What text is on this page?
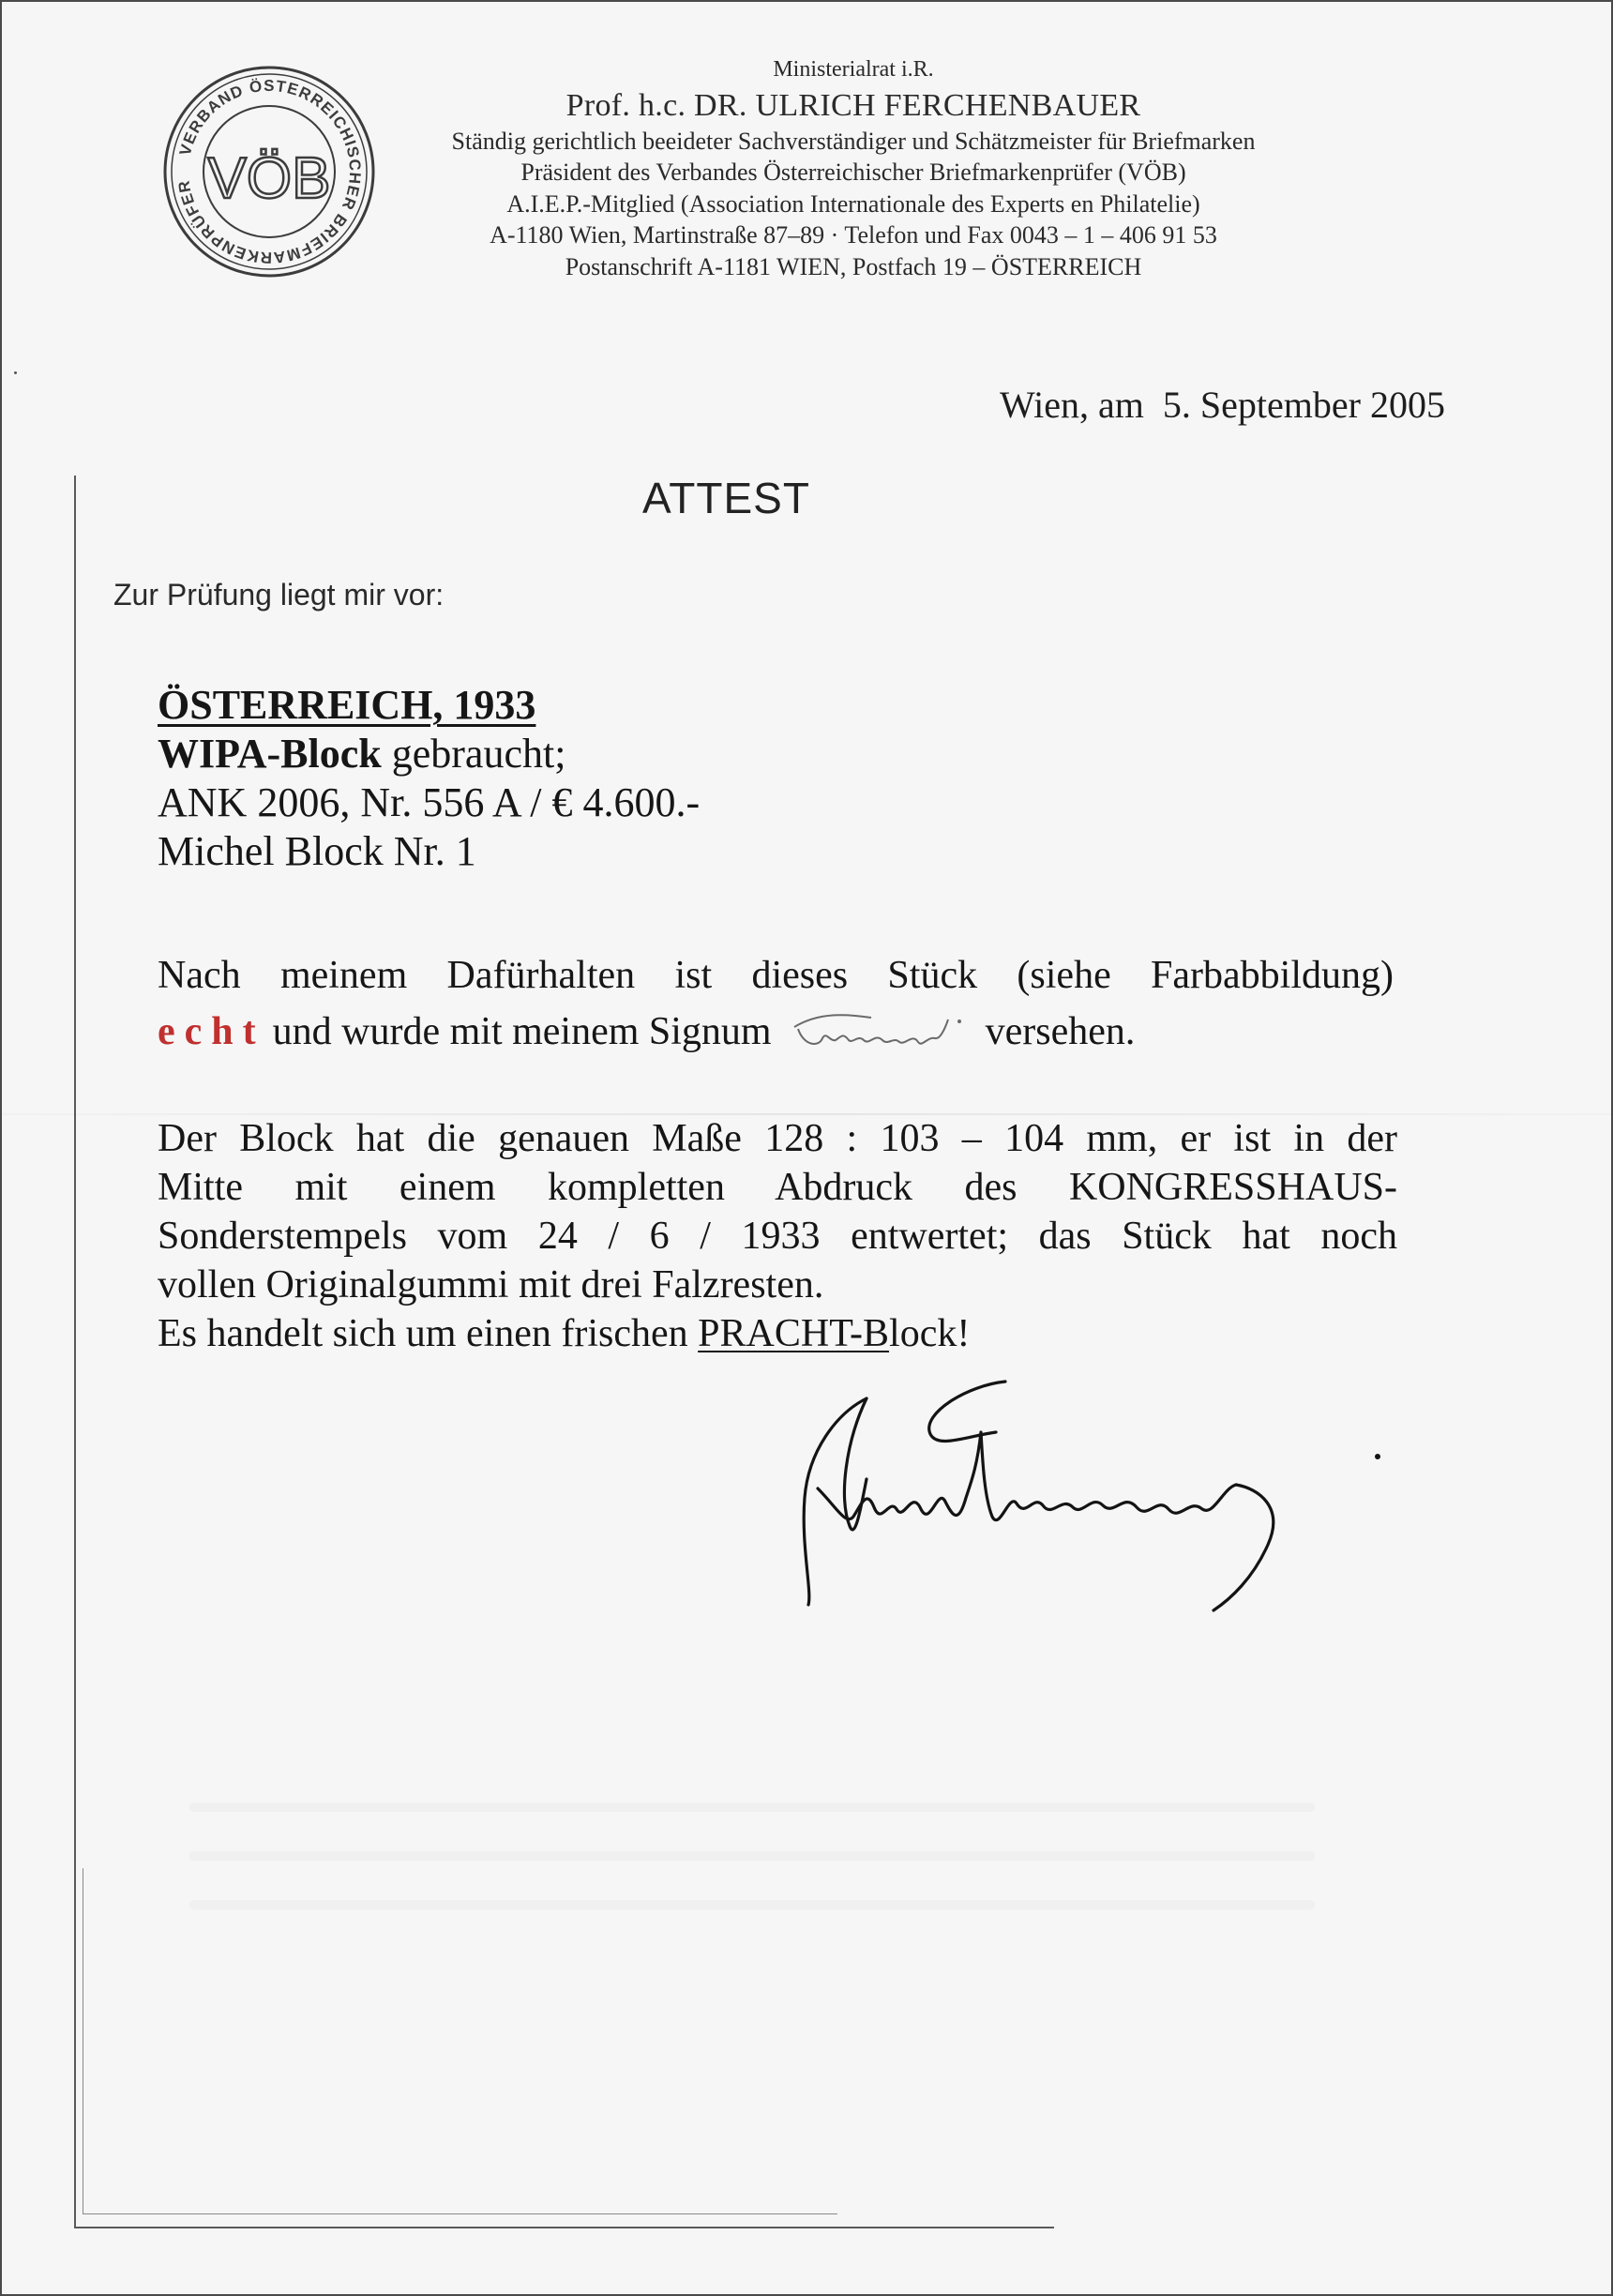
VERBAND ÖSTERREICHISCHER BRIEFMARKENPRÜFER VÖB
Ministerialrat i.R.
Prof. h.c. DR. ULRICH FERCHENBAUER
Ständig gerichtlich beeideter Sachverständiger und Schätzmeister für Briefmarken
Präsident des Verbandes Österreichischer Briefmarkenprüfer (VÖB)
A.I.E.P.-Mitglied (Association Internationale des Experts en Philatelie)
A-1180 Wien, Martinstraße 87–89 · Telefon und Fax 0043 – 1 – 406 91 53
Postanschrift A-1181 WIEN, Postfach 19 – ÖSTERREICH
Wien, am  5. September 2005
ATTEST
Zur Prüfung liegt mir vor:
ÖSTERREICH, 1933
WIPA-Block gebraucht;
ANK 2006, Nr. 556 A / € 4.600.-
Michel Block Nr. 1
Nach meinem Dafürhalten ist dieses Stück (siehe Farbabbildung)
echt und wurde mit meinem Signum	versehen.
Der Block hat die genauen Maße 128 : 103 – 104 mm, er ist in der
Mitte mit einem kompletten Abdruck des KONGRESSHAUS-
Sonderstempels vom 24 / 6 / 1933 entwertet; das Stück hat noch
vollen Originalgummi mit drei Falzresten.
Es handelt sich um einen frischen PRACHT-Block!
